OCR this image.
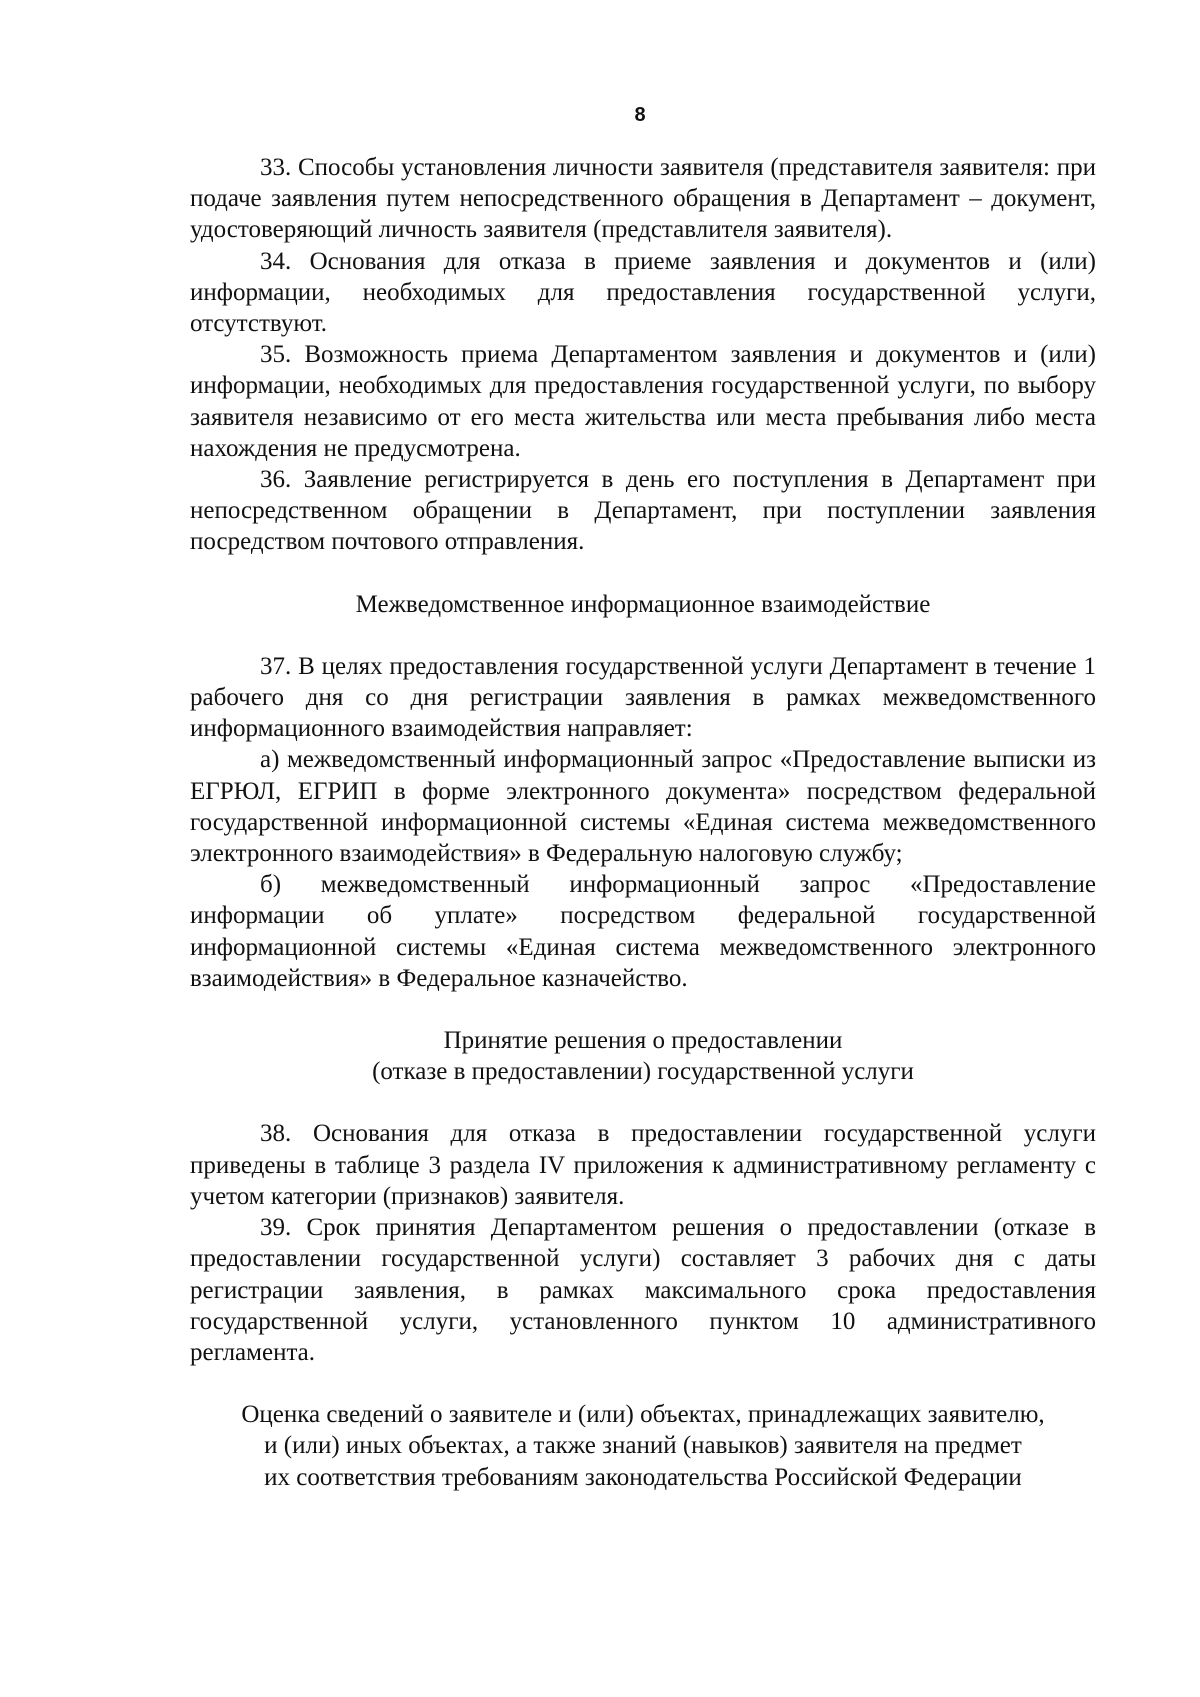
8

33. Способы установления личности заявителя (представителя заявителя: при подаче заявления путем непосредственного обращения в Департамент – документ, удостоверяющий личность заявителя (представлителя заявителя).

34. Основания для отказа в приеме заявления и документов и (или) информации, необходимых для предоставления государственной услуги, отсутствуют.

35. Возможность приема Департаментом заявления и документов и (или) информации, необходимых для предоставления государственной услуги, по выбору заявителя независимо от его места жительства или места пребывания либо места нахождения не предусмотрена.

36. Заявление регистрируется в день его поступления в Департамент при непосредственном обращении в Департамент, при поступлении заявления посредством почтового отправления.

Межведомственное информационное взаимодействие

37. В целях предоставления государственной услуги Департамент в течение 1 рабочего дня со дня регистрации заявления в рамках межведомственного информационного взаимодействия направляет:

а) межведомственный информационный запрос «Предоставление выписки из ЕГРЮЛ, ЕГРИП в форме электронного документа» посредством федеральной государственной информационной системы «Единая система межведомственного электронного взаимодействия» в Федеральную налоговую службу;

б) межведомственный информационный запрос «Предоставление информации об уплате» посредством федеральной государственной информационной системы «Единая система межведомственного электронного взаимодействия» в Федеральное казначейство.

Принятие решения о предоставлении

(отказе в предоставлении) государственной услуги

38. Основания для отказа в предоставлении государственной услуги приведены в таблице 3 раздела IV приложения к административному регламенту с учетом категории (признаков) заявителя.

39. Срок принятия Департаментом решения о предоставлении (отказе в предоставлении государственной услуги) составляет 3 рабочих дня с даты регистрации заявления, в рамках максимального срока предоставления государственной услуги, установленного пунктом 10 административного регламента.

Оценка сведений о заявителе и (или) объектах, принадлежащих заявителю,

и (или) иных объектах, а также знаний (навыков) заявителя на предмет

их соответствия требованиям законодательства Российской Федерации
